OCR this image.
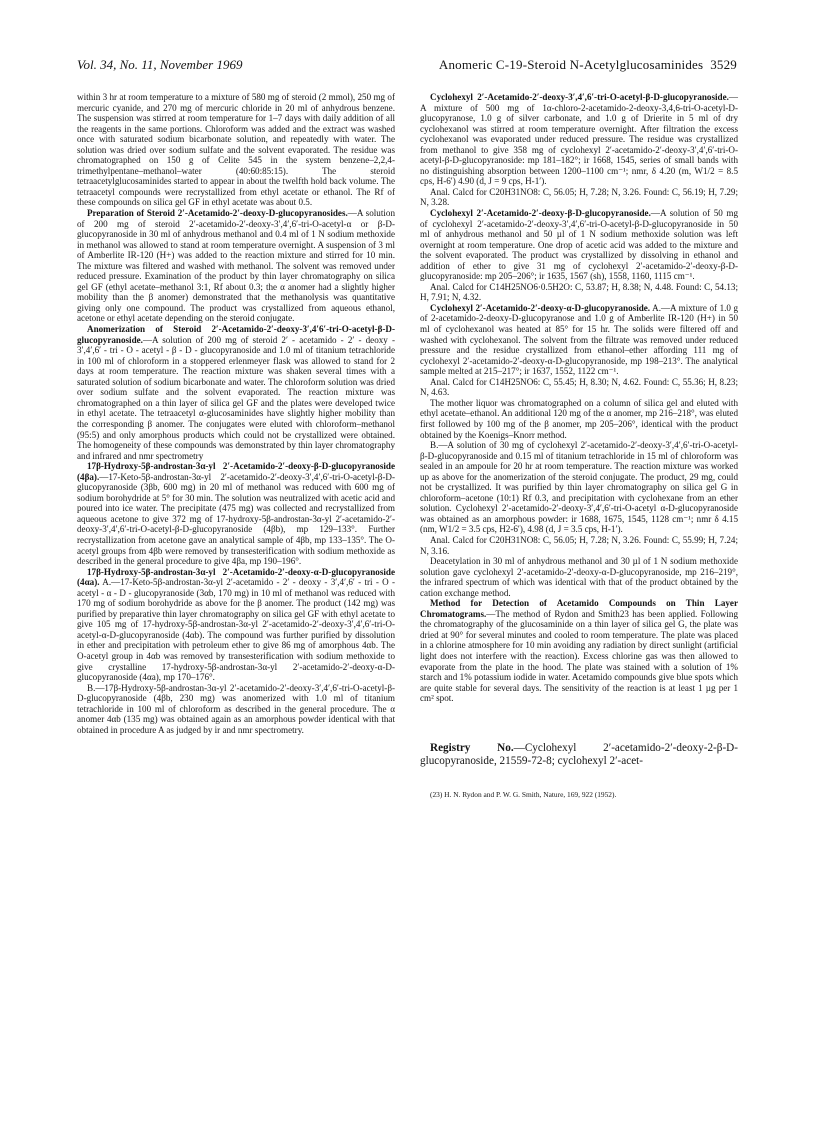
Vol. 34, No. 11, November 1969	Anomeric C-19-Steroid N-Acetylglucosaminides 3529

within 3 hr at room temperature to a mixture of 580 mg of steroid (2 mmol), 250 mg of mercuric cyanide, and 270 mg of mercuric chloride in 20 ml of anhydrous benzene. The suspension was stirred at room temperature for 1–7 days with daily addition of all the reagents in the same portions. Chloroform was added and the extract was washed once with saturated sodium bicarbonate solution, and repeatedly with water. The solution was dried over sodium sulfate and the solvent evaporated. The residue was chromatographed on 150 g of Celite 545 in the system benzene–2,2,4-trimethylpentane–methanol–water (40:60:85:15). The steroid tetraacetylglucosaminides started to appear in about the twelfth hold back volume. The tetraacetyl compounds were recrystallized from ethyl acetate or ethanol. The Rf of these compounds on silica gel GF in ethyl acetate was about 0.5.

Preparation of Steroid 2′-Acetamido-2′-deoxy-D-glucopyranosides.—A solution of 200 mg of steroid 2′-acetamido-2′-deoxy-3′,4′,6′-tri-O-acetyl-α or β-D-glucopyranoside in 30 ml of anhydrous methanol and 0.4 ml of 1 N sodium methoxide in methanol was allowed to stand at room temperature overnight. A suspension of 3 ml of Amberlite IR-120 (H+) was added to the reaction mixture and stirred for 10 min. The mixture was filtered and washed with methanol. The solvent was removed under reduced pressure. Examination of the product by thin layer chromatography on silica gel GF (ethyl acetate–methanol 3:1, Rf about 0.3; the α anomer had a slightly higher mobility than the β anomer) demonstrated that the methanolysis was quantitative giving only one compound. The product was crystallized from aqueous ethanol, acetone or ethyl acetate depending on the steroid conjugate.

Anomerization of Steroid 2′-Acetamido-2′-deoxy-3′,4′6′-tri-O-acetyl-β-D-glucopyranoside.—A solution of 200 mg of steroid 2′ - acetamido - 2′ - deoxy - 3′,4′,6′ - tri - O - acetyl - β - D - glucopyranoside and 1.0 ml of titanium tetrachloride in 100 ml of chloroform in a stoppered erlenmeyer flask was allowed to stand for 2 days at room temperature. The reaction mixture was shaken several times with a saturated solution of sodium bicarbonate and water. The chloroform solution was dried over sodium sulfate and the solvent evaporated. The reaction mixture was chromatographed on a thin layer of silica gel GF and the plates were developed twice in ethyl acetate. The tetraacetyl α-glucosaminides have slightly higher mobility than the corresponding β anomer. The conjugates were eluted with chloroform–methanol (95:5) and only amorphous products which could not be crystallized were obtained. The homogeneity of these compounds was demonstrated by thin layer chromatography and infrared and nmr spectrometry

17β-Hydroxy-5β-androstan-3α-yl 2′-Acetamido-2′-deoxy-β-D-glucopyranoside (4βa).—17-Keto-5β-androstan-3α-yl 2′-acetamido-2′-deoxy-3′,4′,6′-tri-O-acetyl-β-D-glucopyranoside (3βb, 600 mg) in 20 ml of methanol was reduced with 600 mg of sodium borohydride at 5° for 30 min. The solution was neutralized with acetic acid and poured into ice water. The precipitate (475 mg) was collected and recrystallized from aqueous acetone to give 372 mg of 17-hydroxy-5β-androstan-3α-yl 2′-acetamido-2′-deoxy-3′,4′,6′-tri-O-acetyl-β-D-glucopyranoside (4βb), mp 129–133°. Further recrystallization from acetone gave an analytical sample of 4βb, mp 133–135°. The O-acetyl groups from 4βb were removed by transesterification with sodium methoxide as described in the general procedure to give 4βa, mp 190–196°.

17β-Hydroxy-5β-androstan-3α-yl 2′-Acetamido-2′-deoxy-α-D-glucopyranoside (4αa). A.—17-Keto-5β-androstan-3α-yl 2′-acetamido - 2′ - deoxy - 3′,4′,6′ - tri - O - acetyl - α - D - glucopyranoside (3αb, 170 mg) in 10 ml of methanol was reduced with 170 mg of sodium borohydride as above for the β anomer. The product (142 mg) was purified by preparative thin layer chromatography on silica gel GF with ethyl acetate to give 105 mg of 17-hydroxy-5β-androstan-3α-yl 2′-acetamido-2′-deoxy-3′,4′,6′-tri-O-acetyl-α-D-glucopyranoside (4αb). The compound was further purified by dissolution in ether and precipitation with petroleum ether to give 86 mg of amorphous 4αb. The O-acetyl group in 4αb was removed by transesterification with sodium methoxide to give crystalline 17-hydroxy-5β-androstan-3α-yl 2′-acetamido-2′-deoxy-α-D-glucopyranoside (4αa), mp 170–176°.

B.—17β-Hydroxy-5β-androstan-3α-yl 2′-acetamido-2′-deoxy-3′,4′,6′-tri-O-acetyl-β-D-glucopyranoside (4βb, 230 mg) was anomerized with 1.0 ml of titanium tetrachloride in 100 ml of chloroform as described in the general procedure. The α anomer 4αb (135 mg) was obtained again as an amorphous powder identical with that obtained in procedure A as judged by ir and nmr spectrometry.

Cyclohexyl 2′-Acetamido-2′-deoxy-3′,4′,6′-tri-O-acetyl-β-D-glucopyranoside.—A mixture of 500 mg of 1α-chloro-2-acetamido-2-deoxy-3,4,6-tri-O-acetyl-D-glucopyranose, 1.0 g of silver carbonate, and 1.0 g of Drierite in 5 ml of dry cyclohexanol was stirred at room temperature overnight. After filtration the excess cyclohexanol was evaporated under reduced pressure. The residue was crystallized from methanol to give 358 mg of cyclohexyl 2′-acetamido-2′-deoxy-3′,4′,6′-tri-O-acetyl-β-D-glucopyranoside: mp 181–182°; ir 1668, 1545, series of small bands with no distinguishing absorption between 1200–1100 cm⁻¹; nmr, δ 4.20 (m, W1/2 = 8.5 cps, H-6′) 4.90 (d, J = 9 cps, H-1′).

Anal. Calcd for C20H31NO8: C, 56.05; H, 7.28; N, 3.26. Found: C, 56.19; H, 7.29; N, 3.28.

Cyclohexyl 2′-Acetamido-2′-deoxy-β-D-glucopyranoside.—A solution of 50 mg of cyclohexyl 2′-acetamido-2′-deoxy-3′,4′,6′-tri-O-acetyl-β-D-glucopyranoside in 50 ml of anhydrous methanol and 50 µl of 1 N sodium methoxide solution was left overnight at room temperature. One drop of acetic acid was added to the mixture and the solvent evaporated. The product was crystallized by dissolving in ethanol and addition of ether to give 31 mg of cyclohexyl 2′-acetamido-2′-deoxy-β-D-glucopyranoside: mp 205–206°; ir 1635, 1567 (sh), 1558, 1160, 1115 cm⁻¹.

Anal. Calcd for C14H25NO6·0.5H2O: C, 53.87; H, 8.38; N, 4.48. Found: C, 54.13; H, 7.91; N, 4.32.

Cyclohexyl 2′-Acetamido-2′-deoxy-α-D-glucopyranoside. A.—A mixture of 1.0 g of 2-acetamido-2-deoxy-D-glucopyranose and 1.0 g of Amberlite IR-120 (H+) in 50 ml of cyclohexanol was heated at 85° for 15 hr. The solids were filtered off and washed with cyclohexanol. The solvent from the filtrate was removed under reduced pressure and the residue crystallized from ethanol–ether affording 111 mg of cyclohexyl 2′-acetamido-2′-deoxy-α-D-glucopyranoside, mp 198–213°. The analytical sample melted at 215–217°; ir 1637, 1552, 1122 cm⁻¹.

Anal. Calcd for C14H25NO6: C, 55.45; H, 8.30; N, 4.62. Found: C, 55.36; H, 8.23; N, 4.63.

The mother liquor was chromatographed on a column of silica gel and eluted with ethyl acetate–ethanol. An additional 120 mg of the α anomer, mp 216–218°, was eluted first followed by 100 mg of the β anomer, mp 205–206°, identical with the product obtained by the Koenigs–Knorr method.

B.—A solution of 30 mg of cyclohexyl 2′-acetamido-2′-deoxy-3′,4′,6′-tri-O-acetyl-β-D-glucopyranoside and 0.15 ml of titanium tetrachloride in 15 ml of chloroform was sealed in an ampoule for 20 hr at room temperature. The reaction mixture was worked up as above for the anomerization of the steroid conjugate. The product, 29 mg, could not be crystallized. It was purified by thin layer chromatography on silica gel G in chloroform–acetone (10:1) Rf 0.3, and precipitation with cyclohexane from an ether solution. Cyclohexyl 2′-acetamido-2′-deoxy-3′,4′,6′-tri-O-acetyl α-D-glucopyranoside was obtained as an amorphous powder: ir 1688, 1675, 1545, 1128 cm⁻¹; nmr δ 4.15 (nm, W1/2 = 3.5 cps, H2-6′), 4.98 (d, J = 3.5 cps, H-1′).

Anal. Calcd for C20H31NO8: C, 56.05; H, 7.28; N, 3.26. Found: C, 55.99; H, 7.24; N, 3.16.

Deacetylation in 30 ml of anhydrous methanol and 30 µl of 1 N sodium methoxide solution gave cyclohexyl 2′-acetamido-2′-deoxy-α-D-glucopyranoside, mp 216–219°, the infrared spectrum of which was identical with that of the product obtained by the cation exchange method.

Method for Detection of Acetamido Compounds on Thin Layer Chromatograms.—The method of Rydon and Smith23 has been applied. Following the chromatography of the glucosaminide on a thin layer of silica gel G, the plate was dried at 90° for several minutes and cooled to room temperature. The plate was placed in a chlorine atmosphere for 10 min avoiding any radiation by direct sunlight (artificial light does not interfere with the reaction). Excess chlorine gas was then allowed to evaporate from the plate in the hood. The plate was stained with a solution of 1% starch and 1% potassium iodide in water. Acetamido compounds give blue spots which are quite stable for several days. The sensitivity of the reaction is at least 1 µg per 1 cm² spot.

Registry No.—Cyclohexyl 2′-acetamido-2′-deoxy-2-β-D-glucopyranoside, 21559-72-8; cyclohexyl 2′-acet-

(23) H. N. Rydon and P. W. G. Smith, Nature, 169, 922 (1952).
